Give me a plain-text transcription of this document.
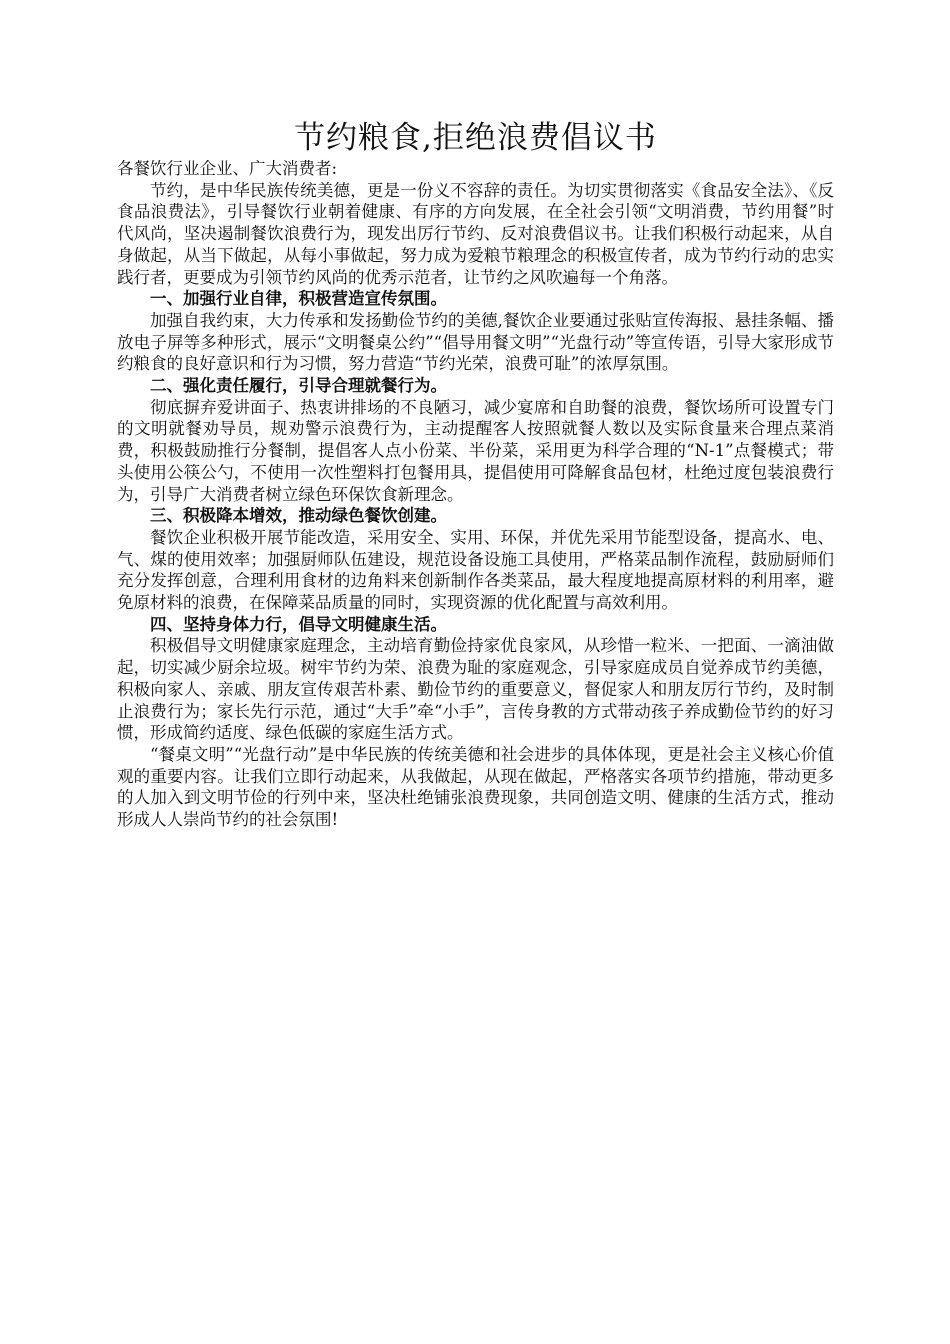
节约粮食,拒绝浪费倡议书

各餐饮行业企业、广大消费者:

节约，是中华民族传统美德，更是一份义不容辞的责任。为切实贯彻落实《食品安全法》、《反食品浪费法》，引导餐饮行业朝着健康、有序的方向发展，在全社会引领“文明消费，节约用餐”时代风尚，坚决遏制餐饮浪费行为，现发出厉行节约、反对浪费倡议书。让我们积极行动起来，从自身做起，从当下做起，从每小事做起，努力成为爱粮节粮理念的积极宣传者，成为节约行动的忠实践行者，更要成为引领节约风尚的优秀示范者，让节约之风吹遍每一个角落。

一、加强行业自律，积极营造宣传氛围。

加强自我约束，大力传承和发扬勤俭节约的美德,餐饮企业要通过张贴宣传海报、悬挂条幅、播放电子屏等多种形式，展示“文明餐桌公约”“倡导用餐文明”“光盘行动”等宣传语，引导大家形成节约粮食的良好意识和行为习惯，努力营造“节约光荣，浪费可耻”的浓厚氛围。

二、强化责任履行，引导合理就餐行为。

彻底摒弃爱讲面子、热衷讲排场的不良陋习，减少宴席和自助餐的浪费，餐饮场所可设置专门的文明就餐劝导员，规劝警示浪费行为，主动提醒客人按照就餐人数以及实际食量来合理点菜消费，积极鼓励推行分餐制，提倡客人点小份菜、半份菜，采用更为科学合理的“N-1”点餐模式；带头使用公筷公勺，不使用一次性塑料打包餐用具，提倡使用可降解食品包材，杜绝过度包装浪费行为，引导广大消费者树立绿色环保饮食新理念。

三、积极降本增效，推动绿色餐饮创建。

餐饮企业积极开展节能改造，采用安全、实用、环保，并优先采用节能型设备，提高水、电、气、煤的使用效率；加强厨师队伍建设，规范设备设施工具使用，严格菜品制作流程，鼓励厨师们充分发挥创意，合理利用食材的边角料来创新制作各类菜品，最大程度地提高原材料的利用率，避免原材料的浪费，在保障菜品质量的同时，实现资源的优化配置与高效利用。

四、坚持身体力行，倡导文明健康生活。

积极倡导文明健康家庭理念，主动培育勤俭持家优良家风，从珍惜一粒米、一把面、一滴油做起，切实减少厨余垃圾。树牢节约为荣、浪费为耻的家庭观念，引导家庭成员自觉养成节约美德，积极向家人、亲戚、朋友宣传艰苦朴素、勤俭节约的重要意义，督促家人和朋友厉行节约，及时制止浪费行为；家长先行示范，通过“大手”牵“小手”，言传身教的方式带动孩子养成勤俭节约的好习惯，形成简约适度、绿色低碳的家庭生活方式。

“餐桌文明”“光盘行动”是中华民族的传统美德和社会进步的具体体现，更是社会主义核心价值观的重要内容。让我们立即行动起来，从我做起，从现在做起，严格落实各项节约措施，带动更多的人加入到文明节俭的行列中来，坚决杜绝铺张浪费现象，共同创造文明、健康的生活方式，推动形成人人崇尚节约的社会氛围!
